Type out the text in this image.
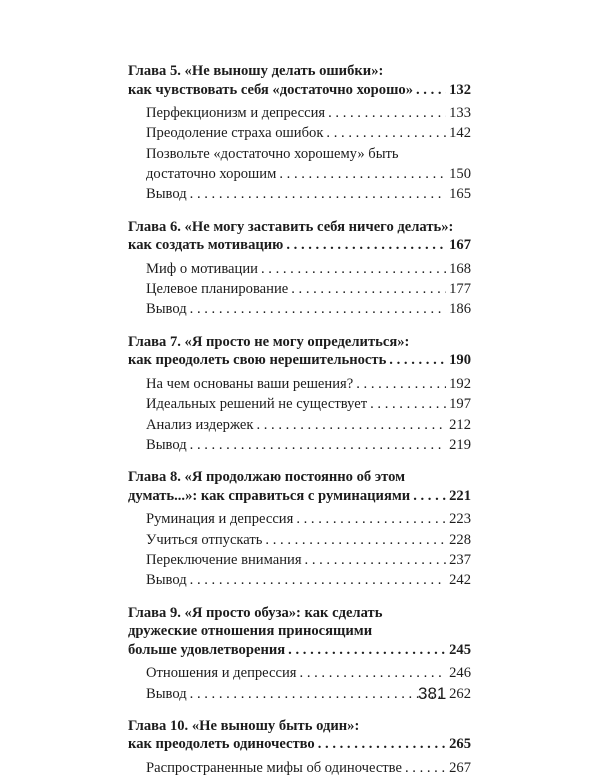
Глава 5. «Не выношу делать ошибки»:
как чувствовать себя «достаточно хорошо» . . . 132
Перфекционизм и депрессия . . .	133
Преодоление страха ошибок . . .	142
Позвольте «достаточно хорошему» быть
достаточно хорошим . . .	150
Вывод . . .	165
Глава 6. «Не могу заставить себя ничего делать»:
как создать мотивацию . . .	167
Миф о мотивации . . .	168
Целевое планирование . . .	177
Вывод . . .	186
Глава 7. «Я просто не могу определиться»:
как преодолеть свою нерешительность . . .	190
На чем основаны ваши решения? . . .	192
Идеальных решений не существует . . .	197
Анализ издержек . . .	212
Вывод . . .	219
Глава 8. «Я продолжаю постоянно об этом
думать...»: как справиться с руминациями . . .	221
Руминация и депрессия . . .	223
Учиться отпускать . . .	228
Переключение внимания . . .	237
Вывод . . .	242
Глава 9. «Я просто обуза»: как сделать
дружеские отношения приносящими
больше удовлетворения . . .	245
Отношения и депрессия . . .	246
Вывод . . .	262
Глава 10. «Не выношу быть один»:
как преодолеть одиночество . . .	265
Распространенные мифы об одиночестве . . .	267
381
